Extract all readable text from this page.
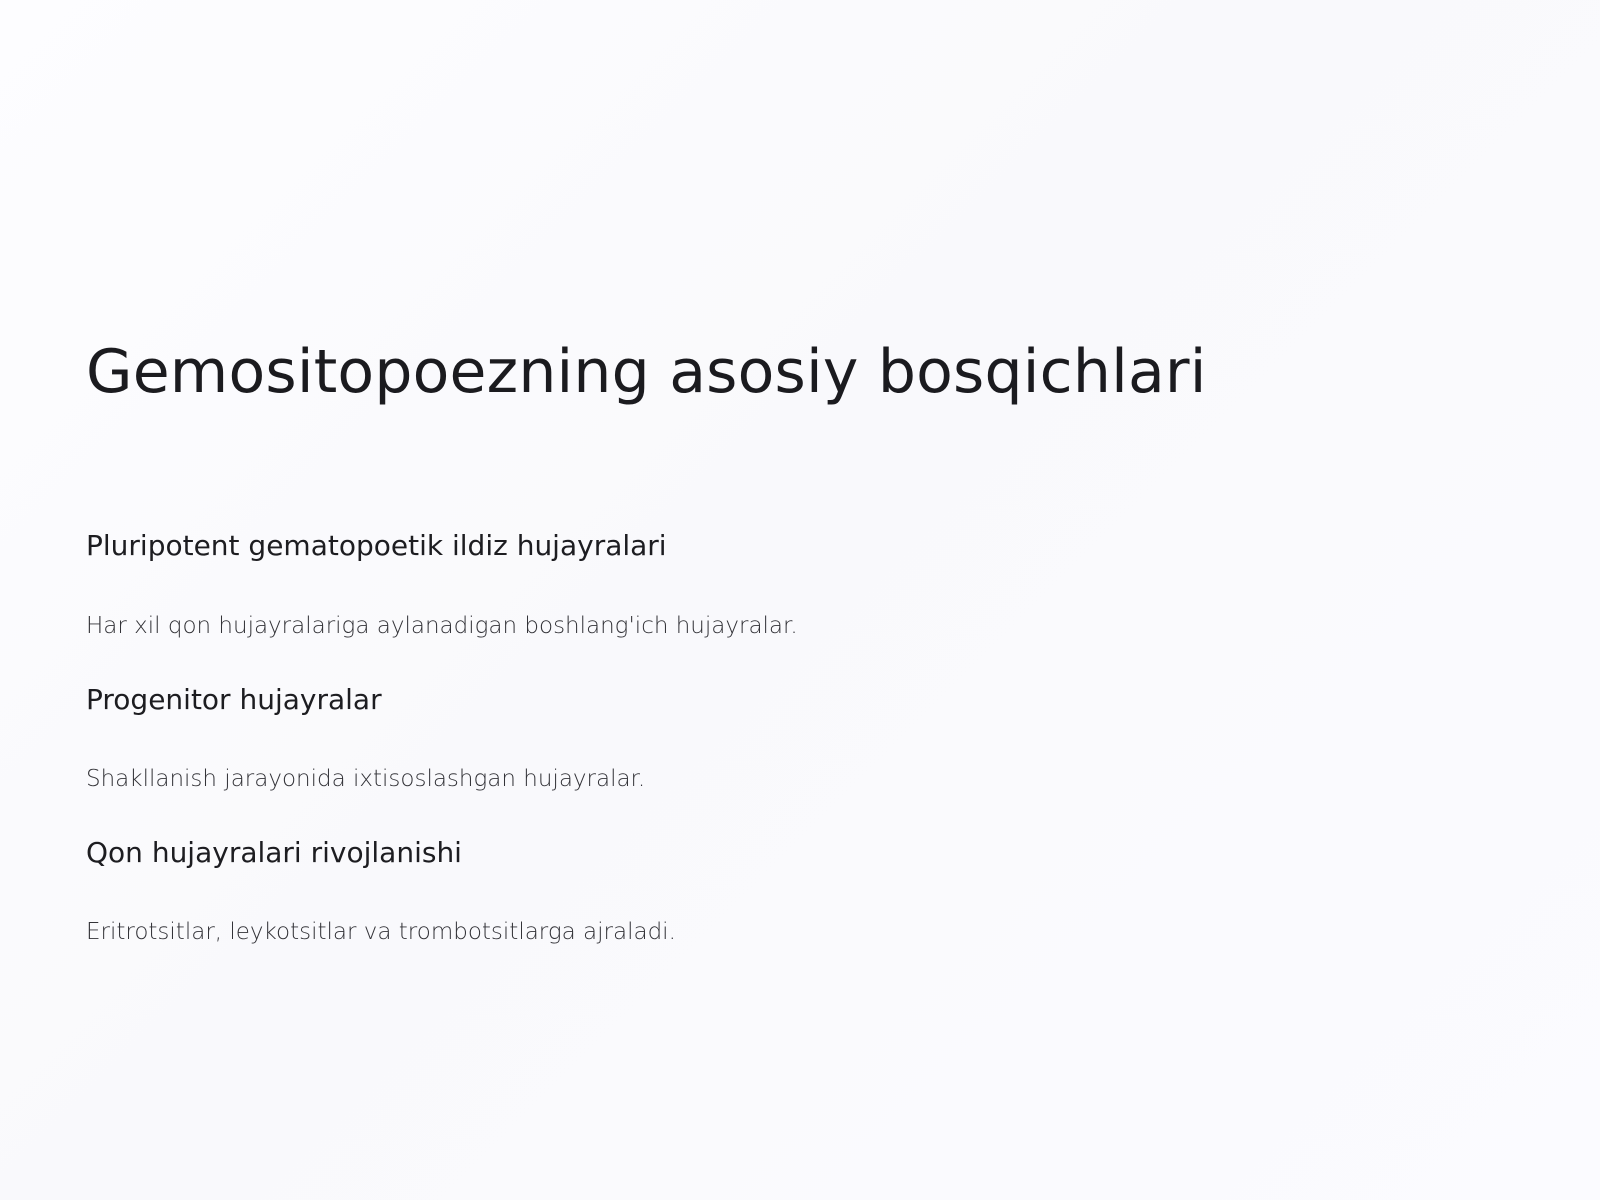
Gemositopoezning asosiy bosqichlari
Pluripotent gematopoetik ildiz hujayralari

Har xil qon hujayralariga aylanadigan boshlang'ich hujayralar.

Progenitor hujayralar

Shakllanish jarayonida ixtisoslashgan hujayralar.

Qon hujayralari rivojlanishi

Eritrotsitlar, leykotsitlar va trombotsitlarga ajraladi.
